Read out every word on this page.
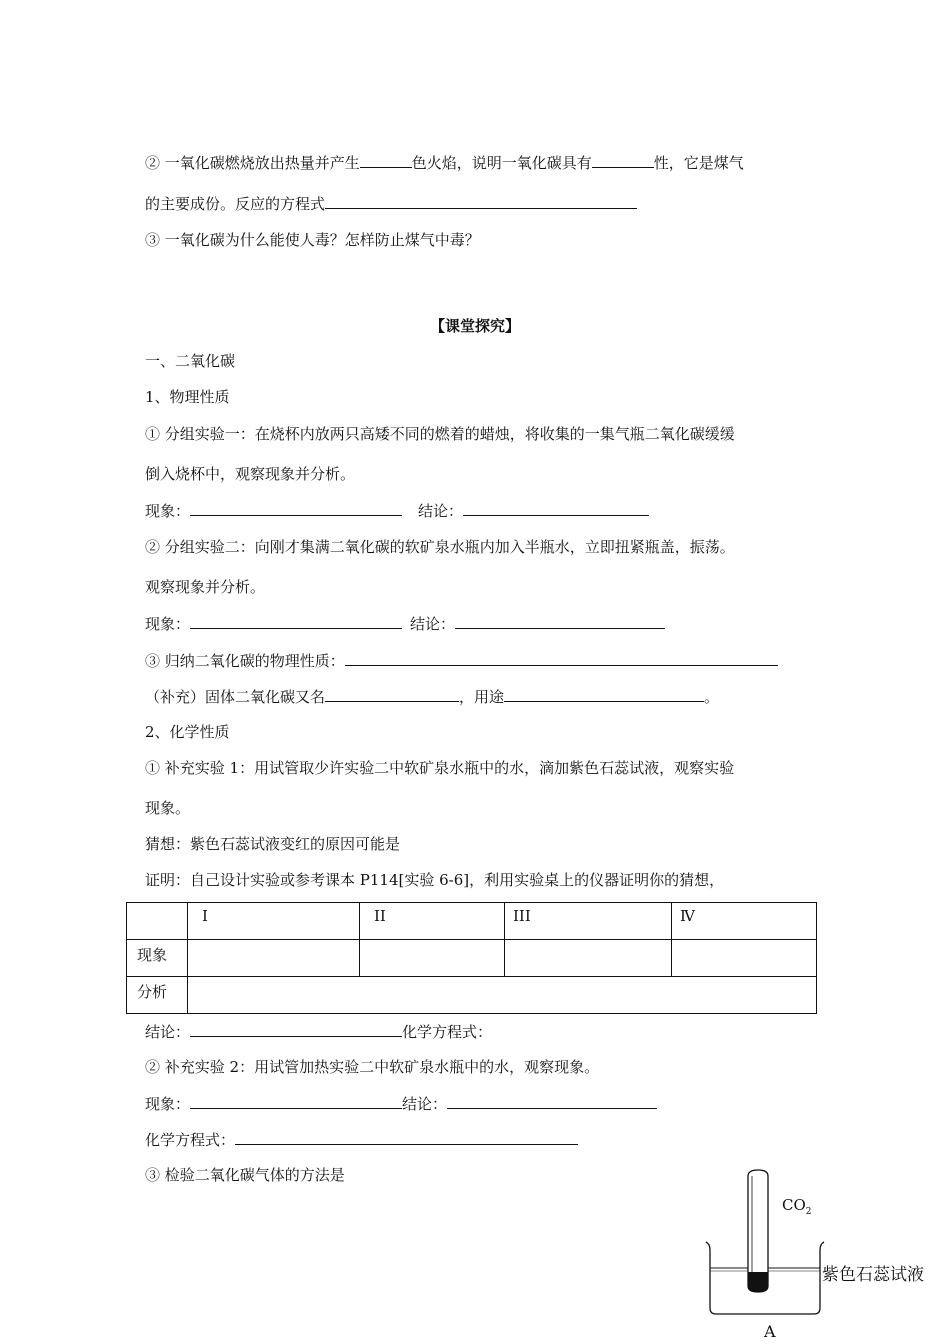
② 一氧化碳燃烧放出热量并产生	色火焰，说明一氧化碳具有	性，它是煤气
的主要成份。反应的方程式
③ 一氧化碳为什么能使人毒？怎样防止煤气中毒？
【课堂探究】
一、二氧化碳
1、物理性质
① 分组实验一：在烧杯内放两只高矮不同的燃着的蜡烛，将收集的一集气瓶二氧化碳缓缓
倒入烧杯中，观察现象并分析。
现象：	结论：
② 分组实验二：向刚才集满二氧化碳的软矿泉水瓶内加入半瓶水，立即扭紧瓶盖，振荡。
观察现象并分析。
现象：	结论：
③ 归纳二氧化碳的物理性质：
（补充）固体二氧化碳又名	，用途	。
2、化学性质
① 补充实验 1：用试管取少许实验二中软矿泉水瓶中的水，滴加紫色石蕊试液，观察实验
现象。
猜想：紫色石蕊试液变红的原因可能是
证明：自己设计实验或参考课本 P114[实验 6-6]，利用实验桌上的仪器证明你的猜想，
	I	II	III	Ⅳ
现象				
分析				
结论：	化学方程式：
② 补充实验 2：用试管加热实验二中软矿泉水瓶中的水，观察现象。
现象：	结论：
化学方程式：
③ 检验二氧化碳气体的方法是
$CO_2$
紫色石蕊试液
A
